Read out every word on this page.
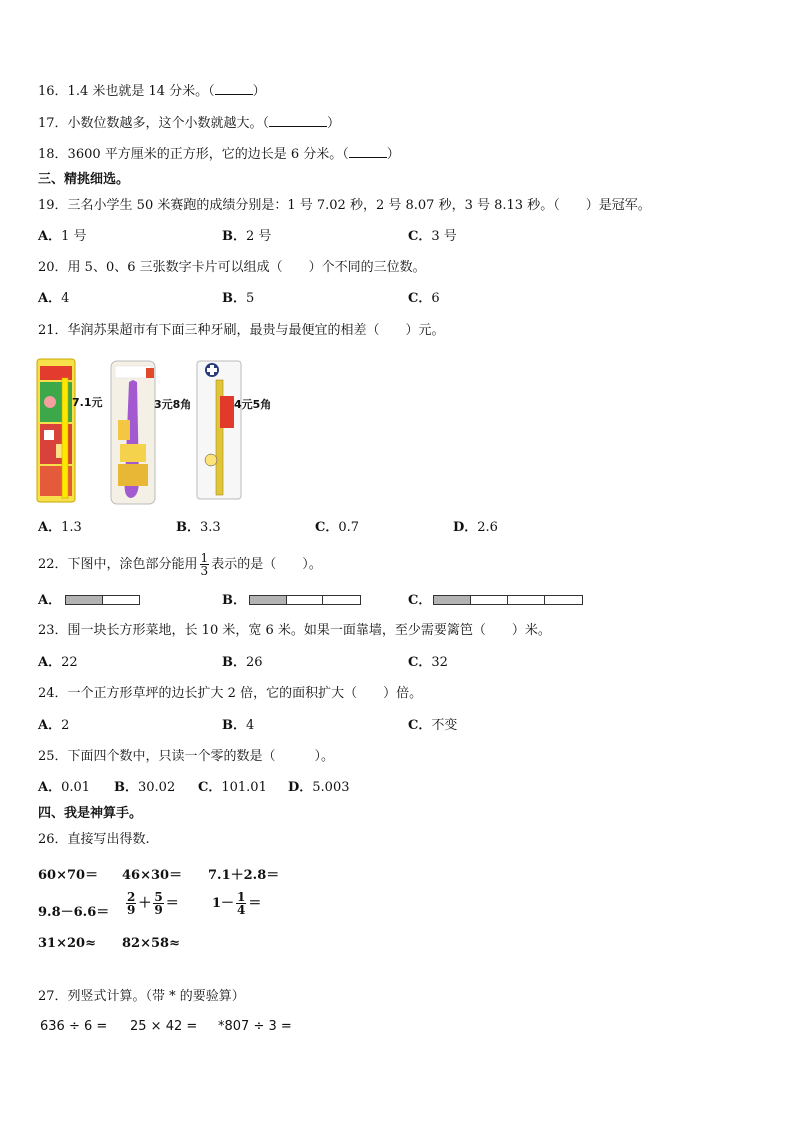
16．1.4 米也就是 14 分米。（	）
17．小数位数越多，这个小数就越大。（	）
18．3600 平方厘米的正方形，它的边长是 6 分米。（	）
三、精挑细选。
19．三名小学生 50 米赛跑的成绩分别是：1 号 7.02 秒，2 号 8.07 秒，3 号 8.13 秒。（　　）是冠军。
A．1 号	B．2 号	C．3 号
20．用 5、0、6 三张数字卡片可以组成（　　）个不同的三位数。
A．4	B．5	C．6
21．华润苏果超市有下面三种牙刷，最贵与最便宜的相差（　　）元。
7.1元	3元8角	4元5角
A．1.3	B．3.3	C．0.7	D．2.6
22．下图中，涂色部分能用 $\frac{1}{3}$ 表示的是（　　）。
A．	B．	C．
23．围一块长方形菜地，长 10 米，宽 6 米。如果一面靠墙，至少需要篱笆（　　）米。
A．22	B．26	C．32
24．一个正方形草坪的边长扩大 2 倍，它的面积扩大（　　）倍。
A．2	B．4	C．不变
25．下面四个数中，只读一个零的数是（　　　）。
A．0.01 B．30.02 C．101.01 D．5.003
四、我是神算手。
26．直接写出得数.
60×70＝ 46×30＝ 7.1＋2.8＝
$9.8-6.6= \frac{2}{9} + \frac{5}{9}$ ＝	$1- \frac{1}{4}$ ＝
31×20≈ 82×58≈
27．列竖式计算。（带 * 的要验算）
636 ÷ 6 = 25 × 42 = *807 ÷ 3 =
